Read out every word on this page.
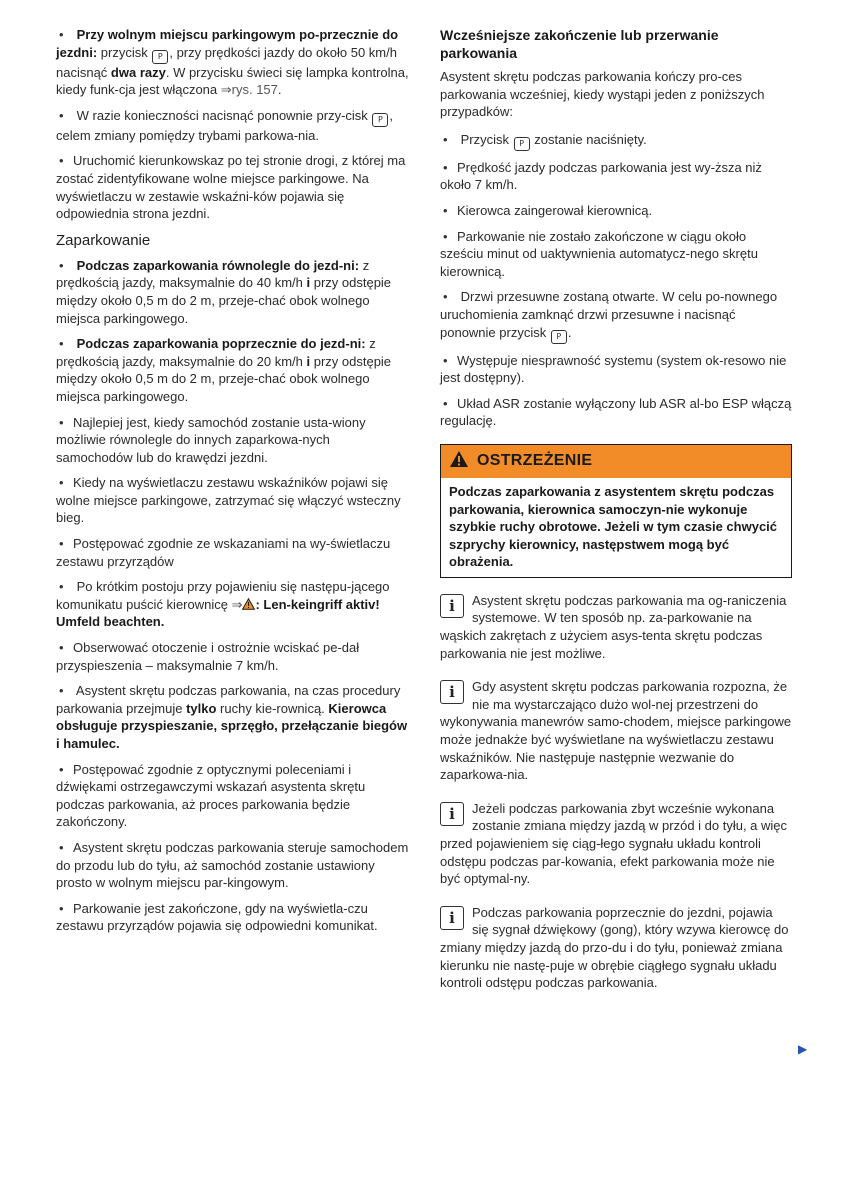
• Przy wolnym miejscu parkingowym po-przecznie do jezdni: przycisk P , przy prędkości jazdy do około 50 km/h nacisnąć dwa razy. W przycisku świeci się lampka kontrolna, kiedy funk-cja jest włączona ⇒rys. 157.

• W razie konieczności nacisnąć ponownie przy-cisk P , celem zmiany pomiędzy trybami parkowa-nia.

• Uruchomić kierunkowskaz po tej stronie drogi, z której ma zostać zidentyfikowane wolne miejsce parkingowe. Na wyświetlaczu w zestawie wskaźni-ków pojawia się odpowiednia strona jezdni.

Zaparkowanie

• Podczas zaparkowania równolegle do jezd-ni: z prędkością jazdy, maksymalnie do 40 km/h i przy odstępie między około 0,5 m do 2 m, przeje-chać obok wolnego miejsca parkingowego.

• Podczas zaparkowania poprzecznie do jezd-ni: z prędkością jazdy, maksymalnie do 20 km/h i przy odstępie między około 0,5 m do 2 m, przeje-chać obok wolnego miejsca parkingowego.

• Najlepiej jest, kiedy samochód zostanie usta-wiony możliwie równolegle do innych zaparkowa-nych samochodów lub do krawędzi jezdni.

• Kiedy na wyświetlaczu zestawu wskaźników pojawi się wolne miejsce parkingowe, zatrzymać się włączyć wsteczny bieg.

• Postępować zgodnie ze wskazaniami na wy-świetlaczu zestawu przyrządów

• Po krótkim postoju przy pojawieniu się następu-jącego komunikatu puścić kierownicę ⇒ : Len-keingriff aktiv! Umfeld beachten.

• Obserwować otoczenie i ostrożnie wciskać pe-dał przyspieszenia – maksymalnie 7 km/h.

• Asystent skrętu podczas parkowania, na czas procedury parkowania przejmuje tylko ruchy kie-rownicą. Kierowca obsługuje przyspieszanie, sprzęgło, przełączanie biegów i hamulec.

• Postępować zgodnie z optycznymi poleceniami i dźwiękami ostrzegawczymi wskazań asystenta skrętu podczas parkowania, aż proces parkowania będzie zakończony.

• Asystent skrętu podczas parkowania steruje samochodem do przodu lub do tyłu, aż samochód zostanie ustawiony prosto w wolnym miejscu par-kingowym.

• Parkowanie jest zakończone, gdy na wyświetla-czu zestawu przyrządów pojawia się odpowiedni komunikat.

Wcześniejsze zakończenie lub przerwanie parkowania

Asystent skrętu podczas parkowania kończy pro-ces parkowania wcześniej, kiedy wystąpi jeden z poniższych przypadków:

• Przycisk P zostanie naciśnięty.

• Prędkość jazdy podczas parkowania jest wy-ższa niż około 7 km/h.

• Kierowca zaingerował kierownicą.

• Parkowanie nie zostało zakończone w ciągu około sześciu minut od uaktywnienia automatycz-nego skrętu kierownicą.

• Drzwi przesuwne zostaną otwarte. W celu po-nownego uruchomienia zamknąć drzwi przesuwne i nacisnąć ponownie przycisk P .

• Występuje niesprawność systemu (system ok-resowo nie jest dostępny).

• Układ ASR zostanie wyłączony lub ASR al-bo ESP włączą regulację.

OSTRZEŻENIE
Podczas zaparkowania z asystentem skrętu podczas parkowania, kierownica samoczyn-nie wykonuje szybkie ruchy obrotowe. Jeżeli w tym czasie chwycić szprychy kierownicy, następstwem mogą być obrażenia.
i	Asystent skrętu podczas parkowania ma og-raniczenia systemowe. W ten sposób np. za-parkowanie na wąskich zakrętach z użyciem asys-tenta skrętu podczas parkowania nie jest możliwe.

i	Gdy asystent skrętu podczas parkowania rozpozna, że nie ma wystarczająco dużo wol-nej przestrzeni do wykonywania manewrów samo-chodem, miejsce parkingowe może jednakże być wyświetlane na wyświetlaczu zestawu wskaźników. Nie następuje następnie wezwanie do zaparkowa-nia.

i	Jeżeli podczas parkowania zbyt wcześnie wykonana zostanie zmiana między jazdą w przód i do tyłu, a więc przed pojawieniem się ciąg-łego sygnału układu kontroli odstępu podczas par-kowania, efekt parkowania może nie być optymal-ny.

i	Podczas parkowania poprzecznie do jezdni, pojawia się sygnał dźwiękowy (gong), który wzywa kierowcę do zmiany między jazdą do przo-du i do tyłu, ponieważ zmiana kierunku nie nastę-puje w obrębie ciągłego sygnału układu kontroli odstępu podczas parkowania.

▶
